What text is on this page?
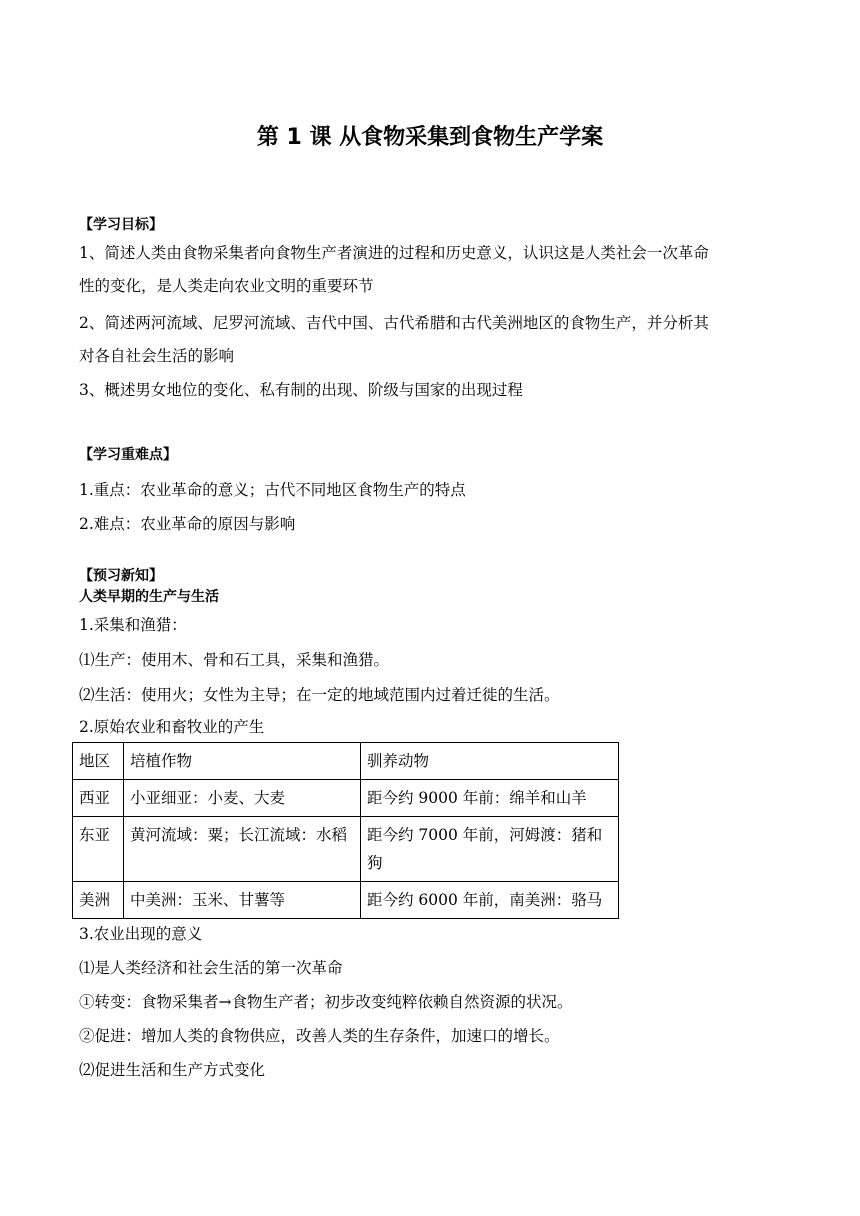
第 1 课 从食物采集到食物生产学案
【学习目标】
1、简述人类由食物采集者向食物生产者演进的过程和历史意义，认识这是人类社会一次革命
性的变化，是人类走向农业文明的重要环节
2、简述两河流域、尼罗河流域、吉代中国、古代希腊和古代美洲地区的食物生产，并分析其
对各自社会生活的影响
3、概述男女地位的变化、私有制的出现、阶级与国家的出现过程
【学习重难点】
1.重点：农业革命的意义；古代不同地区食物生产的特点
2.难点：农业革命的原因与影响
【预习新知】
人类早期的生产与生活
1.采集和渔猎：
⑴生产：使用木、骨和石工具，采集和渔猎。
⑵生活：使用火；女性为主导；在一定的地域范围内过着迁徙的生活。
2.原始农业和畜牧业的产生
地区	培植作物	驯养动物
西亚	小亚细亚：小麦、大麦	距今约 9000 年前：绵羊和山羊
东亚	黄河流域：粟；长江流域：水稻	距今约 7000 年前，河姆渡：猪和狗
美洲	中美洲：玉米、甘薯等	距今约 6000 年前，南美洲：骆马
3.农业出现的意义
⑴是人类经济和社会生活的第一次革命
①转变：食物采集者→食物生产者；初步改变纯粹依赖自然资源的状况。
②促进：增加人类的食物供应，改善人类的生存条件，加速口的增长。
⑵促进生活和生产方式变化
